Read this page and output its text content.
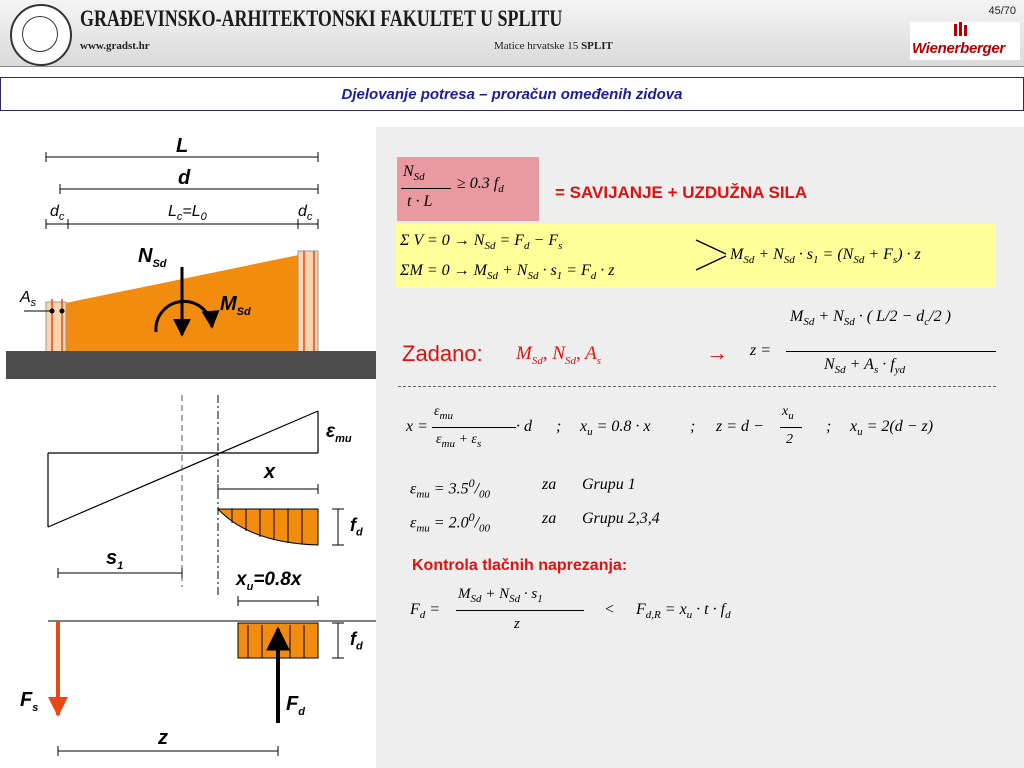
GRAĐEVINSKO-ARHITEKTONSKI FAKULTET U SPLITU
www.gradst.hr	Matice hrvatske 15 SPLIT
45/70
Wienerberger
Djelovanje potresa – proračun omeđenih zidova
L
d
$d_c$	$L_c=L_0$	$d_c$
$N_{Sd}$
$M_{Sd}$
$A_s$
$\varepsilon_{mu}$
x
$f_d$
$s_1$
$x_u=0.8x$
$f_d$
$F_s$	$F_d$
z
$N_{Sd}$
t · L
≥ 0.3 $f_d$	= SAVIJANJE + UZDUŽNA SILA
Σ $V = 0 \to N_{Sd} = F_d - F_s$
$\Sigma M = 0 \to M_{Sd} + N_{Sd} \cdot s_1 = F_d \cdot z$
$M_{Sd} + N_{Sd} \cdot s_1 = (N_{Sd} + F_s) \cdot z$
z =
$M_{Sd} + N_{Sd}$ · ( $L/2 - d_c/2$ )
$N_{Sd} + A_s \cdot f_{yd}$
Zadano: $M_{Sd}$, $N_{Sd}$, $A_s$	→
x =
$\varepsilon_{mu}$
$\varepsilon_{mu} + \varepsilon_s$
· d ; $x_u = 0.8 \cdot x$ ; z = d −
$x_u$
2
; $x_u = 2(d - z)$
$\varepsilon_{mu} = 3.5^0/_{00}$
za Grupu 1
$\varepsilon_{mu} = 2.0^0/_{00}$
za Grupu 2,3,4
Kontrola tlačnih naprezanja:
$F_d$ =
$M_{Sd} + N_{Sd} \cdot s_1$
z
< $F_{d,R} = x_u \cdot t \cdot f_d$
